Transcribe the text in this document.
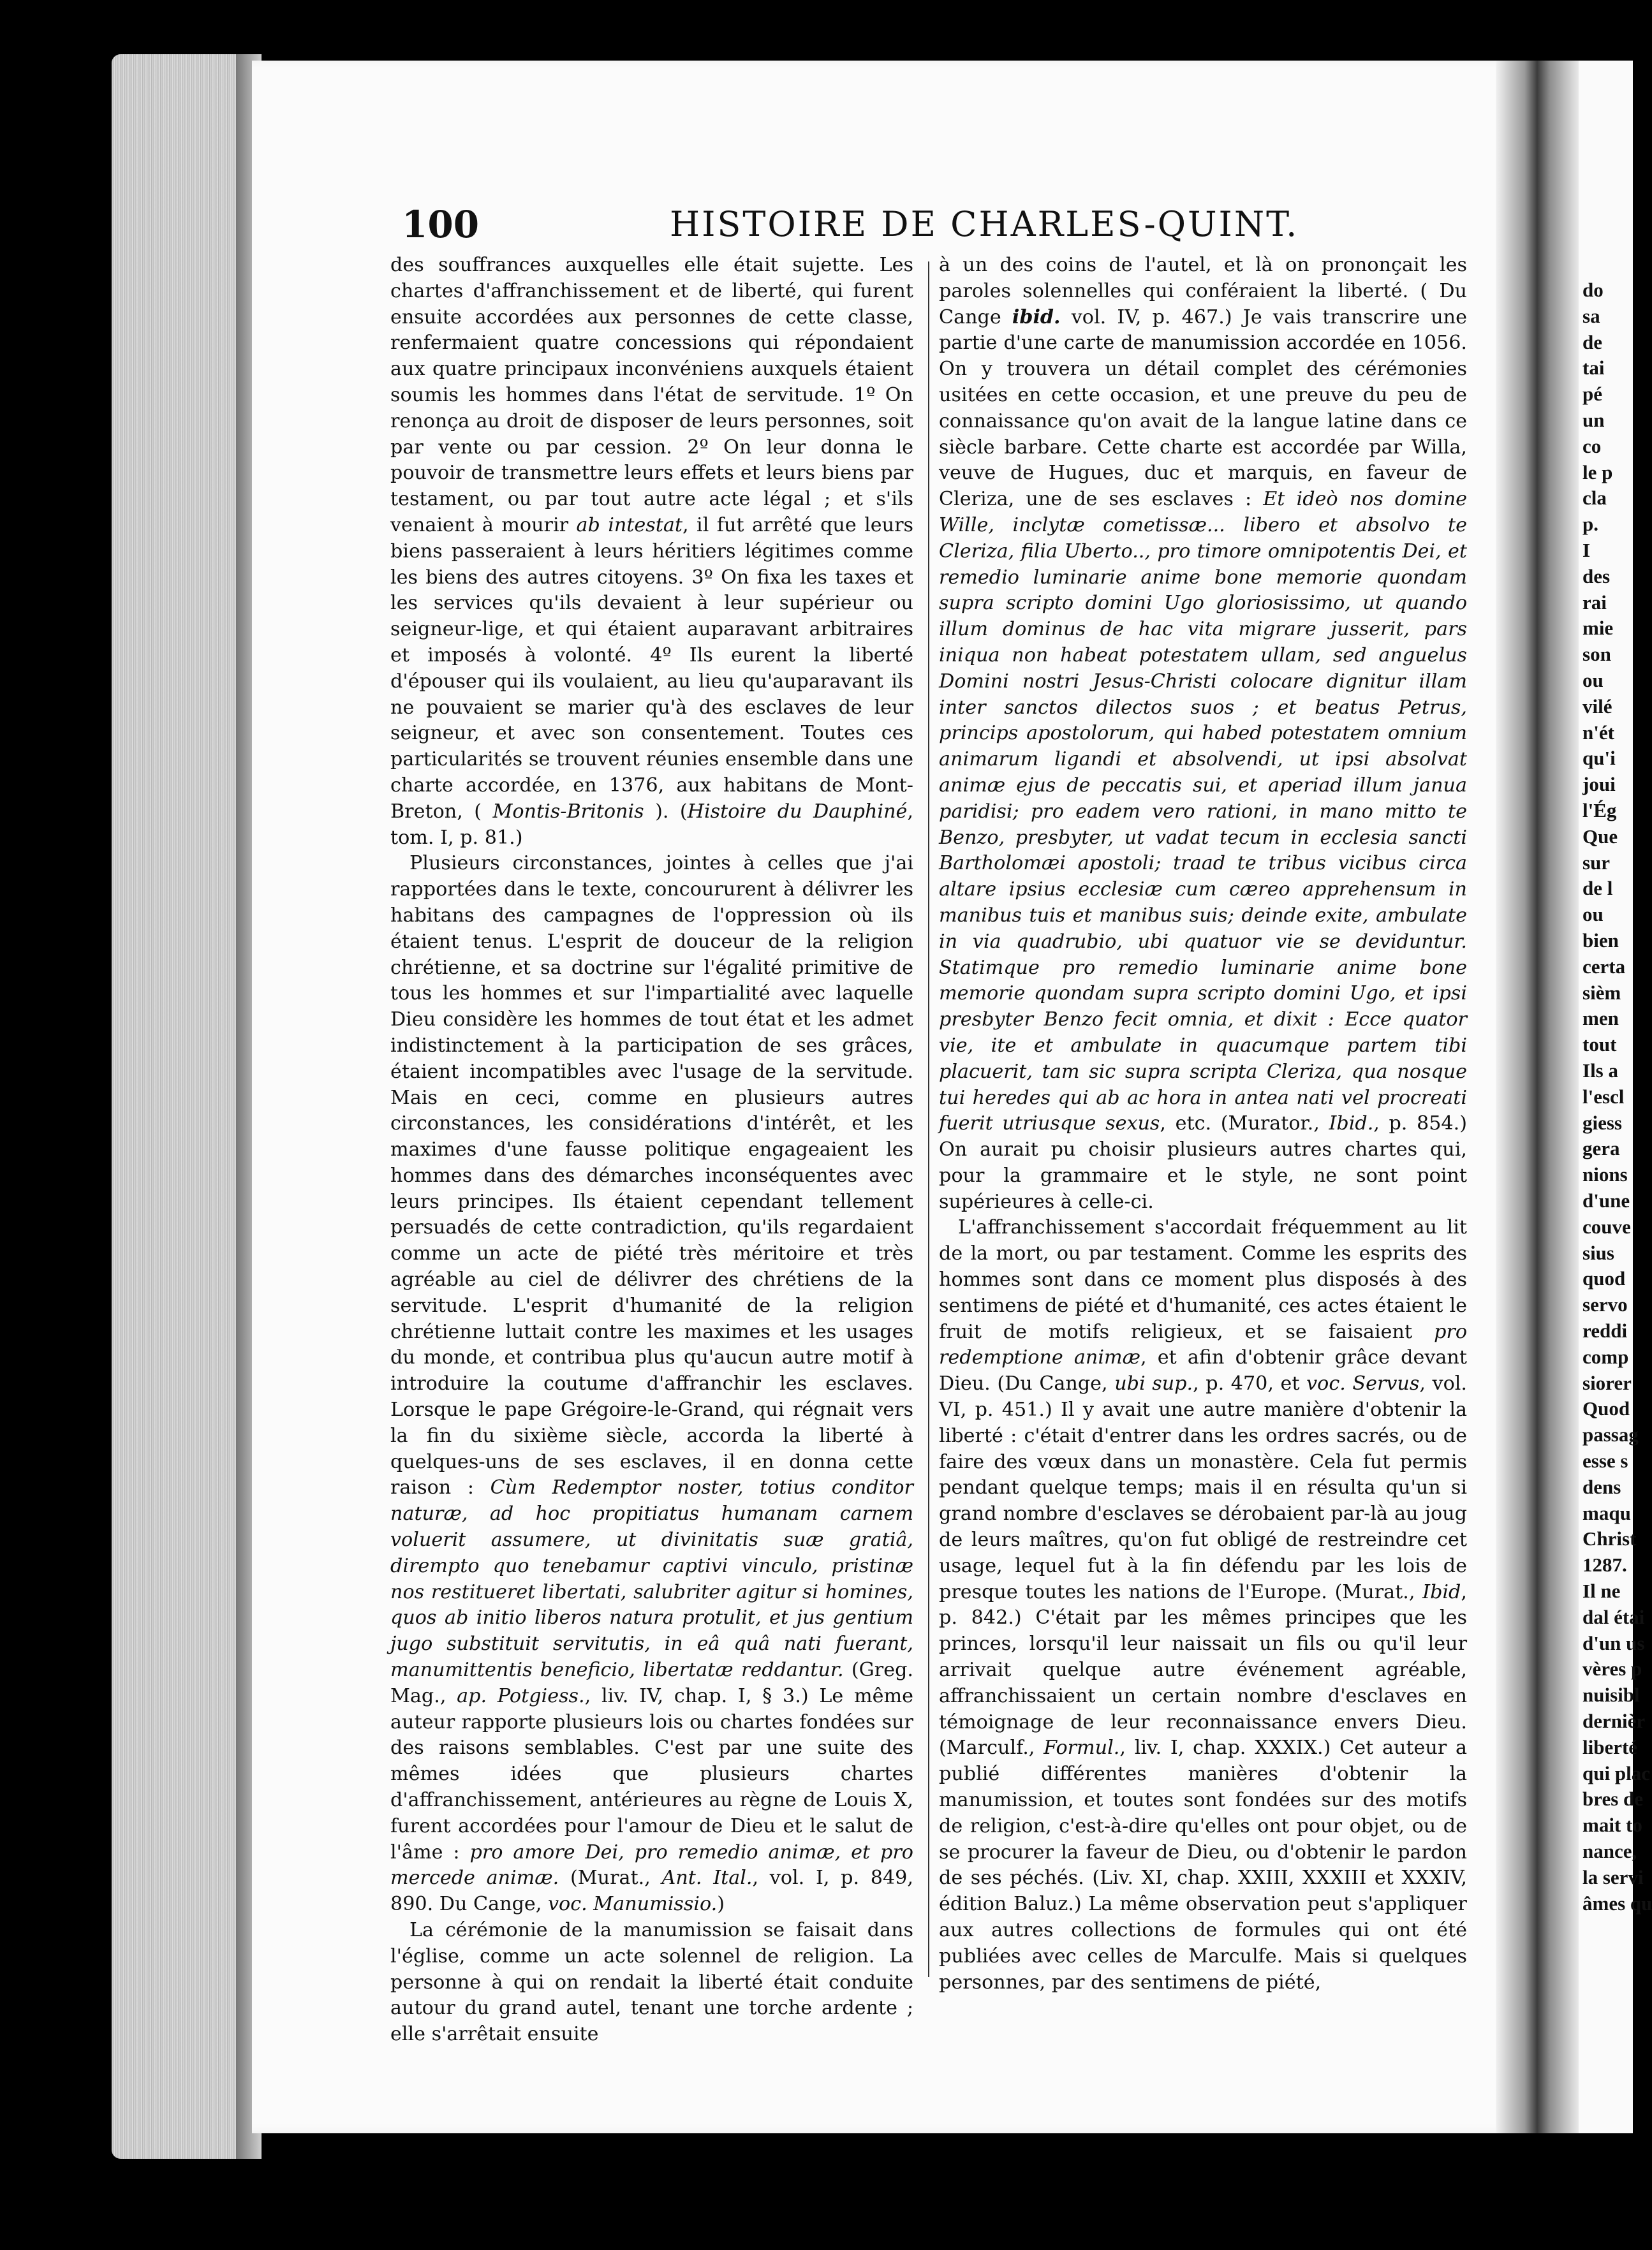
do
sa
de
tai
pé
un
co
le p
cla
p.
I
des
rai
mie
son
ou
vilé
n'ét
qu'i
joui
l'Ég
Que
sur
de l
ou
bien
certa
sièm
men
tout
Ils a
l'escl
giess
gera
nions
d'une
couve
sius
quod
servo
reddi
comp
siorer
Quod
passag
esse s
dens
maqu
Christ
1287.
Il ne
dal étai
d'un us
vères p
nuisibl
dernièr
liberté
qui plac
bres de
mait to
nance,
la servi
âmes qu
100	HISTOIRE DE CHARLES-QUINT.

des souffrances auxquelles elle était sujette. Les chartes d'affranchissement et de liberté, qui furent ensuite accordées aux personnes de cette classe, renfermaient quatre concessions qui répondaient aux quatre principaux inconvéniens auxquels étaient soumis les hommes dans l'état de servitude. 1º On renonça au droit de disposer de leurs personnes, soit par vente ou par cession. 2º On leur donna le pouvoir de transmettre leurs effets et leurs biens par testament, ou par tout autre acte légal ; et s'ils venaient à mourir ab intestat, il fut arrêté que leurs biens passeraient à leurs héritiers légitimes comme les biens des autres citoyens. 3º On fixa les taxes et les services qu'ils devaient à leur supérieur ou seigneur-lige, et qui étaient auparavant arbitraires et imposés à volonté. 4º Ils eurent la liberté d'épouser qui ils voulaient, au lieu qu'auparavant ils ne pouvaient se marier qu'à des esclaves de leur seigneur, et avec son consentement. Toutes ces particularités se trouvent réunies ensemble dans une charte accordée, en 1376, aux habitans de Mont-Breton, ( Montis-Britonis ). (Histoire du Dauphiné, tom. I, p. 81.)

Plusieurs circonstances, jointes à celles que j'ai rapportées dans le texte, concoururent à délivrer les habitans des campagnes de l'oppression où ils étaient tenus. L'esprit de douceur de la religion chrétienne, et sa doctrine sur l'égalité primitive de tous les hommes et sur l'impartialité avec laquelle Dieu considère les hommes de tout état et les admet indistinctement à la participation de ses grâces, étaient incompatibles avec l'usage de la servitude. Mais en ceci, comme en plusieurs autres circonstances, les considérations d'intérêt, et les maximes d'une fausse politique engageaient les hommes dans des démarches inconséquentes avec leurs principes. Ils étaient cependant tellement persuadés de cette contradiction, qu'ils regardaient comme un acte de piété très méritoire et très agréable au ciel de délivrer des chrétiens de la servitude. L'esprit d'humanité de la religion chrétienne luttait contre les maximes et les usages du monde, et contribua plus qu'aucun autre motif à introduire la coutume d'affranchir les esclaves. Lorsque le pape Grégoire-le-Grand, qui régnait vers la fin du sixième siècle, accorda la liberté à quelques-uns de ses esclaves, il en donna cette raison : Cùm Redemptor noster, totius conditor naturæ, ad hoc propitiatus humanam carnem voluerit assumere, ut divinitatis suæ gratiâ, dirempto quo tenebamur captivi vinculo, pristinæ nos restitueret libertati, salubriter agitur si homines, quos ab initio liberos natura protulit, et jus gentium jugo substituit servitutis, in eâ quâ nati fuerant, manumittentis beneficio, libertatæ reddantur. (Greg. Mag., ap. Potgiess., liv. IV, chap. I, § 3.) Le même auteur rapporte plusieurs lois ou chartes fondées sur des raisons semblables. C'est par une suite des mêmes idées que plusieurs chartes d'affranchissement, antérieures au règne de Louis X, furent accordées pour l'amour de Dieu et le salut de l'âme : pro amore Dei, pro remedio animæ, et pro mercede animæ. (Murat., Ant. Ital., vol. I, p. 849, 890. Du Cange, voc. Manumissio.)

La cérémonie de la manumission se faisait dans l'église, comme un acte solennel de religion. La personne à qui on rendait la liberté était conduite autour du grand autel, tenant une torche ardente ; elle s'arrêtait ensuite

à un des coins de l'autel, et là on prononçait les paroles solennelles qui conféraient la liberté. ( Du Cange ibid. vol. IV, p. 467.) Je vais transcrire une partie d'une carte de manumission accordée en 1056. On y trouvera un détail complet des cérémonies usitées en cette occasion, et une preuve du peu de connaissance qu'on avait de la langue latine dans ce siècle barbare. Cette charte est accordée par Willa, veuve de Hugues, duc et marquis, en faveur de Cleriza, une de ses esclaves : Et ideò nos domine Wille, inclytæ cometissæ... libero et absolvo te Cleriza, filia Uberto.., pro timore omnipotentis Dei, et remedio luminarie anime bone memorie quondam supra scripto domini Ugo gloriosissimo, ut quando illum dominus de hac vita migrare jusserit, pars iniqua non habeat potestatem ullam, sed anguelus Domini nostri Jesus-Christi colocare dignitur illam inter sanctos dilectos suos ; et beatus Petrus, princips apostolorum, qui habed potestatem omnium animarum ligandi et absolvendi, ut ipsi absolvat animæ ejus de peccatis sui, et aperiad illum janua paridisi; pro eadem vero rationi, in mano mitto te Benzo, presbyter, ut vadat tecum in ecclesia sancti Bartholomæi apostoli; traad te tribus vicibus circa altare ipsius ecclesiæ cum cæreo apprehensum in manibus tuis et manibus suis; deinde exite, ambulate in via quadrubio, ubi quatuor vie se deviduntur. Statimque pro remedio luminarie anime bone memorie quondam supra scripto domini Ugo, et ipsi presbyter Benzo fecit omnia, et dixit : Ecce quator vie, ite et ambulate in quacumque partem tibi placuerit, tam sic supra scripta Cleriza, qua nosque tui heredes qui ab ac hora in antea nati vel procreati fuerit utriusque sexus, etc. (Murator., Ibid., p. 854.) On aurait pu choisir plusieurs autres chartes qui, pour la grammaire et le style, ne sont point supérieures à celle-ci.

L'affranchissement s'accordait fréquemment au lit de la mort, ou par testament. Comme les esprits des hommes sont dans ce moment plus disposés à des sentimens de piété et d'humanité, ces actes étaient le fruit de motifs religieux, et se faisaient pro redemptione animæ, et afin d'obtenir grâce devant Dieu. (Du Cange, ubi sup., p. 470, et voc. Servus, vol. VI, p. 451.) Il y avait une autre manière d'obtenir la liberté : c'était d'entrer dans les ordres sacrés, ou de faire des vœux dans un monastère. Cela fut permis pendant quelque temps; mais il en résulta qu'un si grand nombre d'esclaves se dérobaient par-là au joug de leurs maîtres, qu'on fut obligé de restreindre cet usage, lequel fut à la fin défendu par les lois de presque toutes les nations de l'Europe. (Murat., Ibid, p. 842.) C'était par les mêmes principes que les princes, lorsqu'il leur naissait un fils ou qu'il leur arrivait quelque autre événement agréable, affranchissaient un certain nombre d'esclaves en témoignage de leur reconnaissance envers Dieu. (Marculf., Formul., liv. I, chap. XXXIX.) Cet auteur a publié différentes manières d'obtenir la manumission, et toutes sont fondées sur des motifs de religion, c'est-à-dire qu'elles ont pour objet, ou de se procurer la faveur de Dieu, ou d'obtenir le pardon de ses péchés. (Liv. XI, chap. XXIII, XXXIII et XXXIV, édition Baluz.) La même observation peut s'appliquer aux autres collections de formules qui ont été publiées avec celles de Marculfe. Mais si quelques personnes, par des sentimens de piété,
